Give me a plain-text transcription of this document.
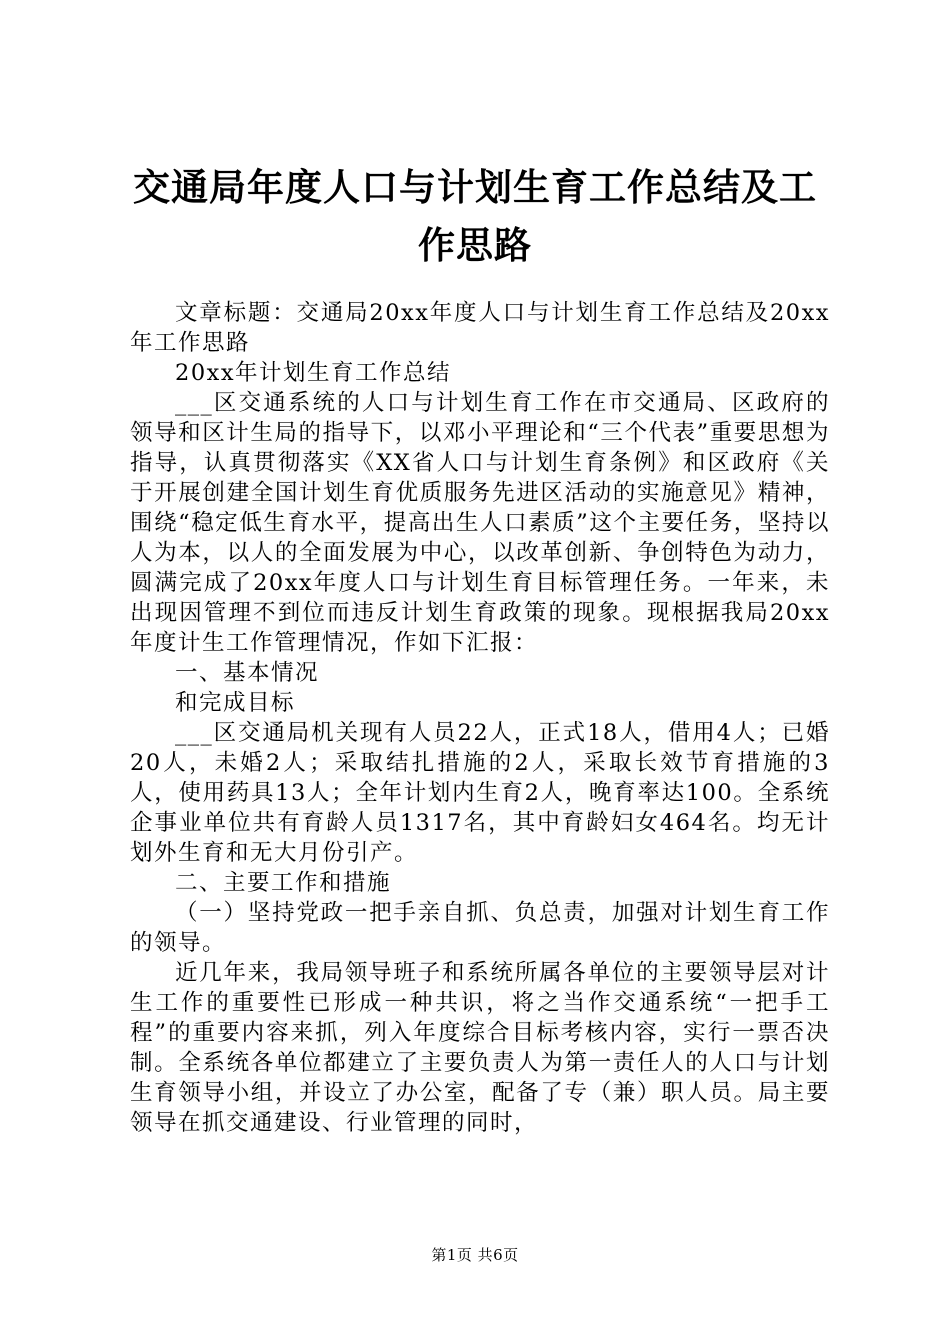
交通局年度人口与计划生育工作总结及工作思路

文章标题：交通局20xx年度人口与计划生育工作总结及20xx年工作思路

20xx年计划生育工作总结

___区交通系统的人口与计划生育工作在市交通局、区政府的领导和区计生局的指导下，以邓小平理论和“三个代表”重要思想为指导，认真贯彻落实《XX省人口与计划生育条例》和区政府《关于开展创建全国计划生育优质服务先进区活动的实施意见》精神，围绕“稳定低生育水平，提高出生人口素质”这个主要任务，坚持以人为本，以人的全面发展为中心，以改革创新、争创特色为动力，圆满完成了20xx年度人口与计划生育目标管理任务。一年来，未出现因管理不到位而违反计划生育政策的现象。现根据我局20xx年度计生工作管理情况，作如下汇报：

一、基本情况

和完成目标

___区交通局机关现有人员22人，正式18人，借用4人；已婚20人，未婚2人；采取结扎措施的2人，采取长效节育措施的3人，使用药具13人；全年计划内生育2人，晚育率达100。全系统企事业单位共有育龄人员1317名，其中育龄妇女464名。均无计划外生育和无大月份引产。

二、主要工作和措施

（一）坚持党政一把手亲自抓、负总责，加强对计划生育工作的领导。

近几年来，我局领导班子和系统所属各单位的主要领导层对计生工作的重要性已形成一种共识，将之当作交通系统“一把手工程”的重要内容来抓，列入年度综合目标考核内容，实行一票否决制。全系统各单位都建立了主要负责人为第一责任人的人口与计划生育领导小组，并设立了办公室，配备了专（兼）职人员。局主要领导在抓交通建设、行业管理的同时，

第1页 共6页
